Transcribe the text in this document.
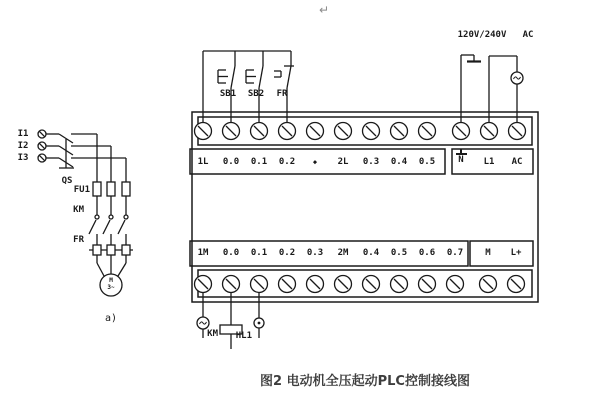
↵
I1
I2
I3
QS
FU1
KM
FR
M
3~
a)
SB1	SB2	FR
120V/240V	AC
1L	0.0	0.1	0.2	◆	2L	0.3	0.4	0.5	N	L1	AC
1M	0.0	0.1	0.2	0.3	2M	0.4	0.5	0.6	0.7	M	L+
KM	HL1
图2 电动机全压起动PLC控制接线图
